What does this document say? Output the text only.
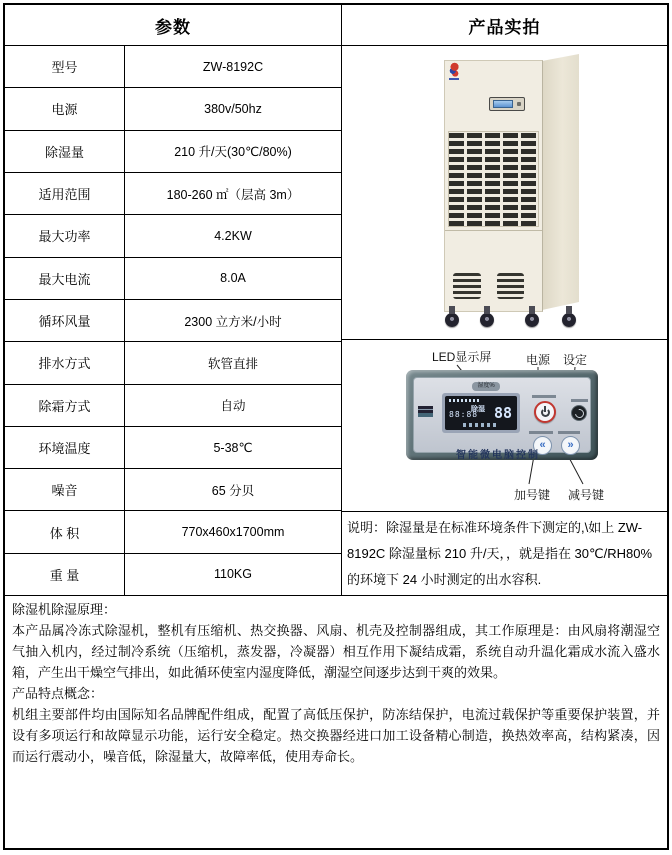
参数
型号	ZW-8192C
电源	380v/50hz
除湿量	210 升/天(30℃/80%)
适用范围	180-260 ㎡（层高 3m）
最大功率	4.2KW
最大电流	8.0A
循环风量	2300 立方米/小时
排水方式	软管直排
除霜方式	自动
环境温度	5-38℃
噪音	65 分贝
体 积	770x460x1700mm
重 量	110KG
产品实拍
LED显示屏	电源 设定
加号键 减号键
湿度%
除湿
88:88 88
«	»
智能微电脑控制
说明：除湿量是在标准环境条件下测定的,\如上 ZW-8192C 除湿量标 210 升/天，，就是指在 30℃/RH80%的环境下 24 小时测定的出水容积.
除湿机除湿原理：
本产品属冷冻式除湿机，整机有压缩机、热交换器、风扇、机壳及控制器组成，其工作原理是：由风扇将潮湿空气抽入机内，经过制冷系统（压缩机，蒸发器，冷凝器）相互作用下凝结成霜，系统自动升温化霜成水流入盛水箱，产生出干燥空气排出，如此循环使室内湿度降低，潮湿空间逐步达到干爽的效果。
产品特点概念：
机组主要部件均由国际知名品牌配件组成，配置了高低压保护，防冻结保护，电流过载保护等重要保护装置，并设有多项运行和故障显示功能，运行安全稳定。热交换器经进口加工设备精心制造，换热效率高，结构紧凑，因而运行震动小，噪音低，除湿量大，故障率低，使用寿命长。
